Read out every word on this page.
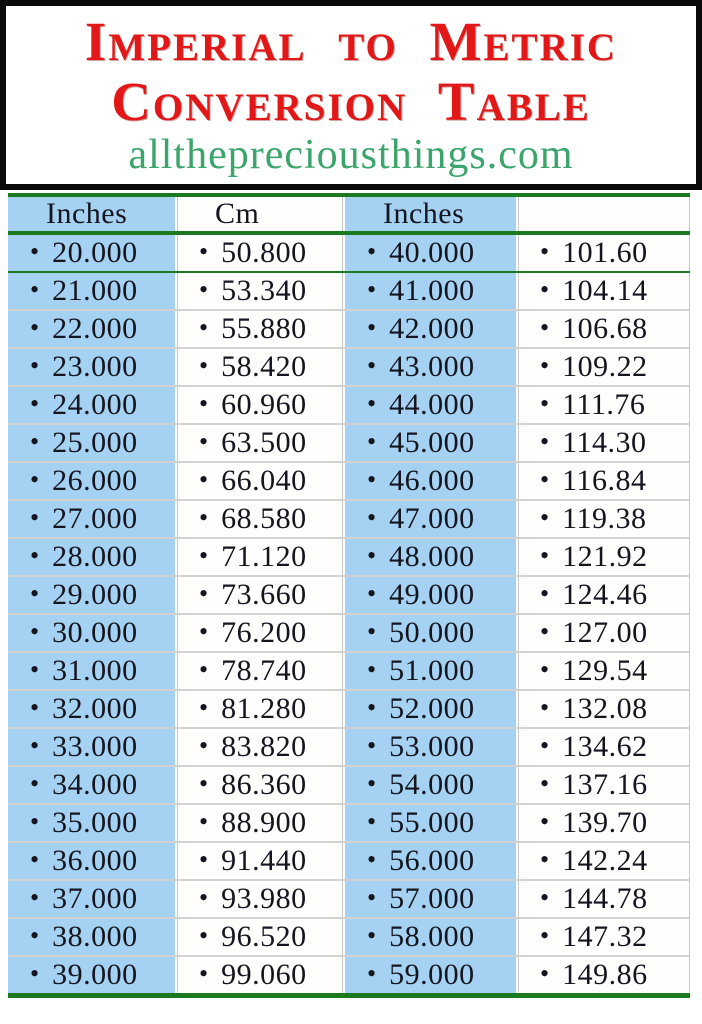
Imperial to Metric
Conversion Table
allthepreciousthings.com
Inches	Cm	Inches
• 20.000 • 50.800 • 40.000	• 101.60
• 21.000 • 53.340 • 41.000	• 104.14
• 22.000 • 55.880 • 42.000	• 106.68
• 23.000 • 58.420 • 43.000	• 109.22
• 24.000 • 60.960 • 44.000	• 111.76
• 25.000 • 63.500 • 45.000	• 114.30
• 26.000 • 66.040 • 46.000	• 116.84
• 27.000 • 68.580 • 47.000	• 119.38
• 28.000 • 71.120 • 48.000	• 121.92
• 29.000 • 73.660 • 49.000	• 124.46
• 30.000 • 76.200 • 50.000	• 127.00
• 31.000 • 78.740 • 51.000	• 129.54
• 32.000 • 81.280 • 52.000	• 132.08
• 33.000 • 83.820 • 53.000	• 134.62
• 34.000 • 86.360 • 54.000	• 137.16
• 35.000 • 88.900 • 55.000	• 139.70
• 36.000 • 91.440 • 56.000	• 142.24
• 37.000 • 93.980 • 57.000	• 144.78
• 38.000 • 96.520 • 58.000	• 147.32
• 39.000 • 99.060 • 59.000	• 149.86
